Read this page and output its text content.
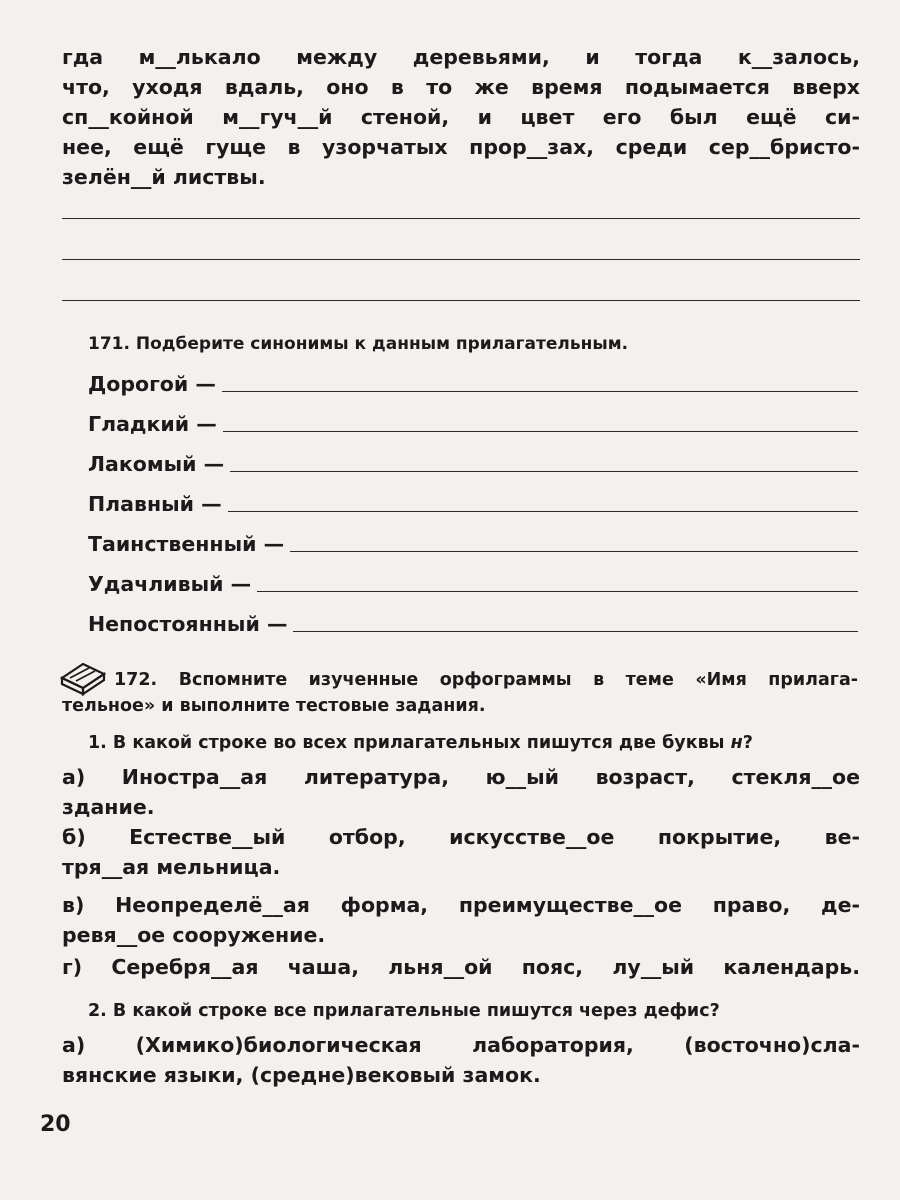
гда м__лькало между деревьями, и тогда к__залось,
что, уходя вдаль, оно в то же время подымается вверх
сп__койной м__гуч__й стеной, и цвет его был ещё си-
нее, ещё гуще в узорчатых пpop__зах, среди сер__бристо-
зелён__й листвы.
171. Подберите синонимы к данным прилагательным.
Дорогой —
Гладкий —
Лакомый —
Плавный —
Таинственный —
Удачливый —
Непостоянный —
172. Вспомните изученные орфограммы в теме «Имя прилага-
тельное» и выполните тестовые задания.
1. В какой строке во всех прилагательных пишутся две буквы н?
а) Иностра__ая литература, ю__ый возраст, стекля__ое
здание.
б) Естестве__ый отбор, искусстве__ое покрытие, ве-
тря__ая мельница.
в) Неопределё__ая форма, преимуществе__ое право, де-
ревя__ое сооружение.
г) Серебря__ая чаша, льня__ой пояс, лу__ый календарь.
2. В какой строке все прилагательные пишутся через дефис?
а) (Химико)биологическая лаборатория, (восточно)сла-
вянские языки, (средне)вековый замок.
20
